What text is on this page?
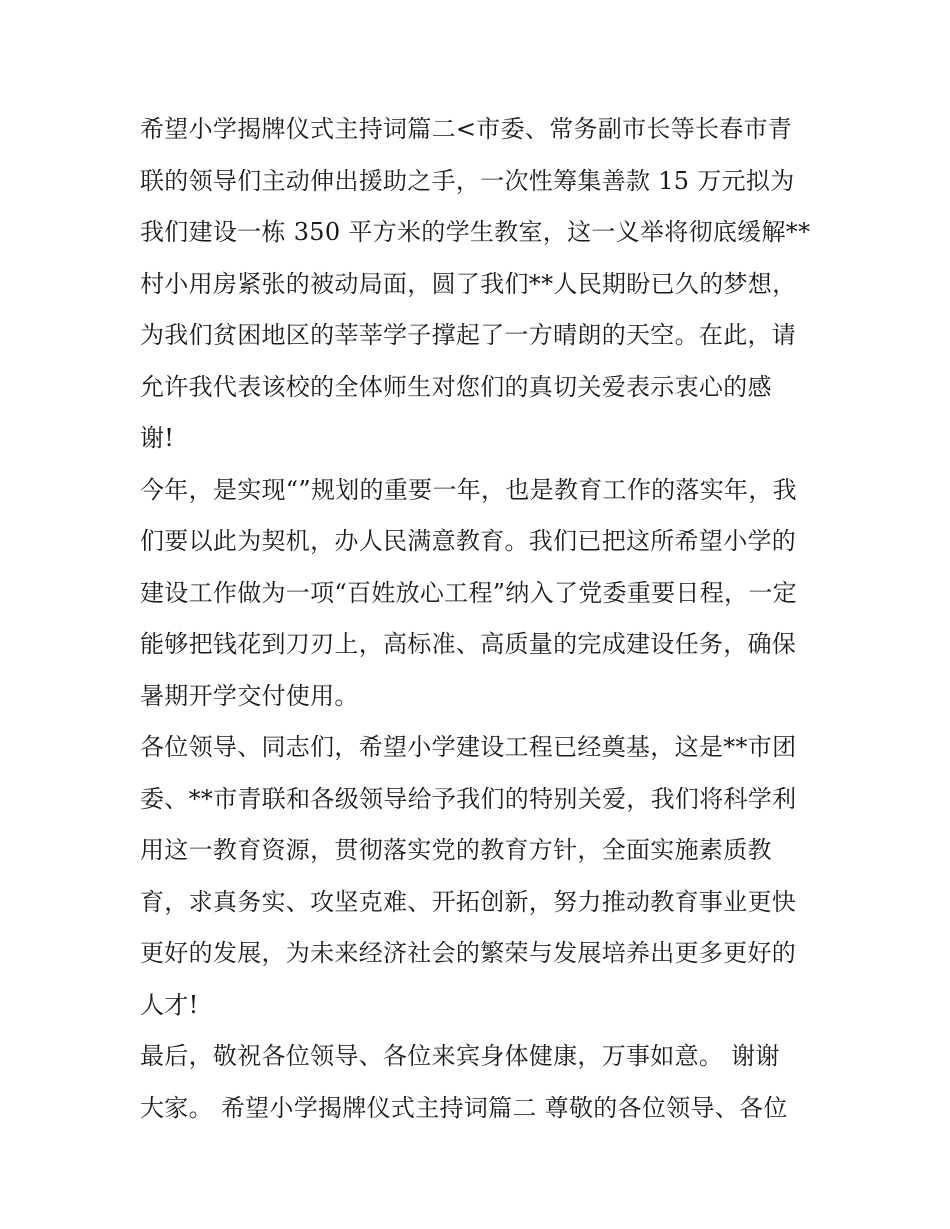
希望小学揭牌仪式主持词篇二<市委、常务副市长等长春市青
联的领导们主动伸出援助之手，一次性筹集善款 15 万元拟为
我们建设一栋 350 平方米的学生教室，这一义举将彻底缓解**
村小用房紧张的被动局面，圆了我们**人民期盼已久的梦想，
为我们贫困地区的莘莘学子撑起了一方晴朗的天空。在此，请
允许我代表该校的全体师生对您们的真切关爱表示衷心的感
谢!
今年，是实现“”规划的重要一年，也是教育工作的落实年，我
们要以此为契机，办人民满意教育。我们已把这所希望小学的
建设工作做为一项“百姓放心工程”纳入了党委重要日程，一定
能够把钱花到刀刃上，高标准、高质量的完成建设任务，确保
暑期开学交付使用。
各位领导、同志们，希望小学建设工程已经奠基，这是**市团
委、**市青联和各级领导给予我们的特别关爱，我们将科学利
用这一教育资源，贯彻落实党的教育方针，全面实施素质教
育，求真务实、攻坚克难、开拓创新，努力推动教育事业更快
更好的发展，为未来经济社会的繁荣与发展培养出更多更好的
人才!
最后，敬祝各位领导、各位来宾身体健康，万事如意。 谢谢
大家。 希望小学揭牌仪式主持词篇二 尊敬的各位领导、各位
